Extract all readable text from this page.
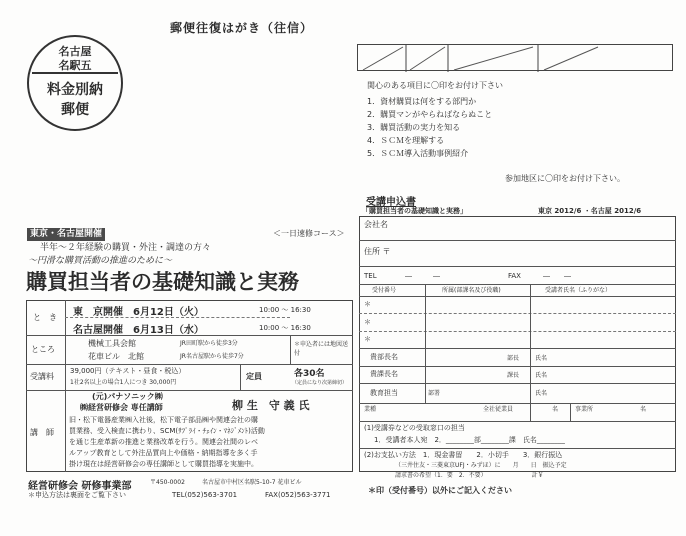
郵便往復はがき（往信）
名古屋
名駅五
料金別納
郵便
関心のある項目に〇印をお付け下さい
1．資材購買は何をする部門か
2．購買マンがやらねばならぬこと
3．購買活動の実力を知る
4．ＳＣＭを理解する
5．ＳＣＭ導入活動事例紹介
参加地区に〇印をお付け下さい。
受講申込書
「購買担当者の基礎知識と実務」	東京 2012/6 ・名古屋 2012/6
会社名
住所 〒
TEL	―　　　―	FAX	―　　―
受付番号	所属(部課名及び役職)	受講者氏名（ふりがな）
＊
＊
＊
貴部長名	部長	氏名
貴課長名	課長	氏名
教育担当	部署	氏名
業種	全社従業員	名	事業所	名
(1)受講券などの受取窓口の担当
1．受講者本人宛　2．________部________課　氏名________
(2)お支払い方法　1．現金書留　　2．小切手　　3．銀行振込
（三井住友・三菱東京UFJ・みずほ）に　　月　　日　振込予定
請求書の希望（1．要　2．不要）　　　　　　　　計￥
＊印（受付番号）以外にご記入ください
東京・名古屋開催	＜一日速修コース＞
半年～２年経験の購買・外注・調達の方々
～円滑な購買活動の推進のために～
購買担当者の基礎知識と実務
と　き 東　京開催　6月12日（火）	10:00 ～ 16:30
名古屋開催　6月13日（水）	10:00 ～ 16:30
ところ
機械工具会館	JR田町駅から徒歩3分
花車ビル　北館	JR名古屋駅から徒歩7分
＊申込者には地図送付
受講料
39,000円（テキスト・昼食・税込）
1社2名以上の場合1人につき 30,000円
定員	各30名
（定員になり次第締切）
講　師
(元)パナソニック㈱
㈱経営研修会 専任講師	柳 生　守 義 氏
旧・松下電器産業㈱入社後，松下電子部品㈱や関連会社の購
買業務、受入検査に携わり、SCM(ｻﾌﾟﾗｲ・ﾁｪｲﾝ・ﾏﾈｼﾞﾒﾝﾄ)活動
を通じ生産革新の推進と業務改革を行う。関連会社間のレベ
ルアップ教育として外注品質向上や価格・納期指導を多く手
掛け現在は経営研修会の専任講師として購買指導を実施中。
経営研修会 研修事業部	〒450-0002	名古屋市中村区名駅5-10-7 花車ビル
＊申込方法は裏面をご覧下さい	TEL(052)563-3701	FAX(052)563-3771
